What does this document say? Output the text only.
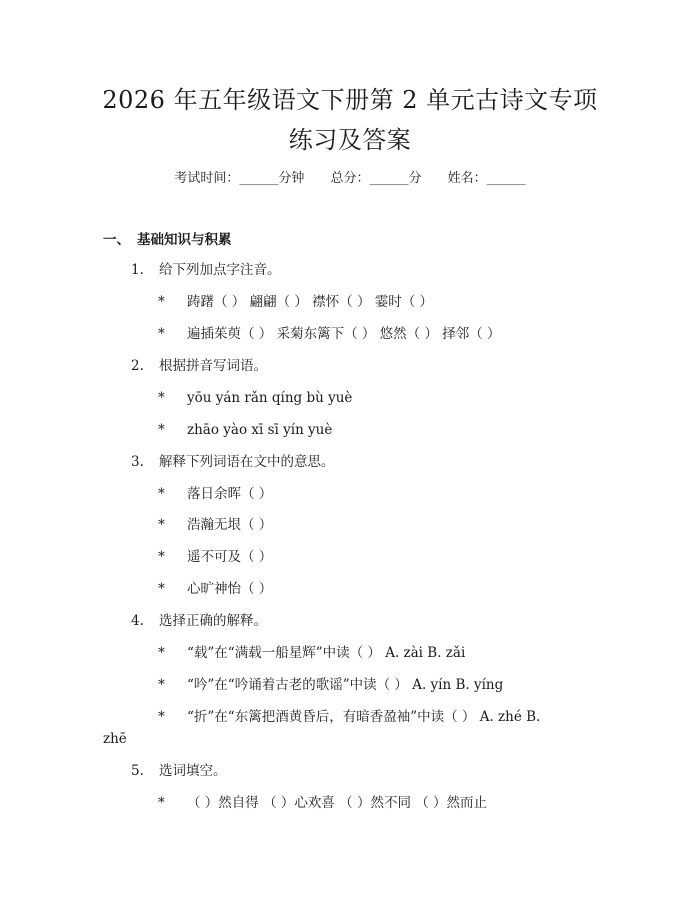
2026 年五年级语文下册第 2 单元古诗文专项
练习及答案
考试时间：______分钟 总分：______分 姓名：______
一、 基础知识与积累
1. 给下列加点字注音。
* 踌躇（ ） 翩翩（ ） 襟怀（ ） 霎时（ ）
* 遍插茱萸（ ） 采菊东篱下（ ） 悠然（ ） 择邻（ ）
2. 根据拼音写词语。
* yōu yán rǎn qíng bù yuè
* zhāo yào xī sī yín yuè
3. 解释下列词语在文中的意思。
* 落日余晖（ ）
* 浩瀚无垠（ ）
* 遥不可及（ ）
* 心旷神怡（ ）
4. 选择正确的解释。
* “载”在“满载一船星辉”中读（ ） A. zài B. zǎi
* “吟”在“吟诵着古老的歌谣”中读（ ） A. yín B. yíng
* “折”在“东篱把酒黄昏后，有暗香盈袖”中读（ ） A. zhé B.
zhē
5. 选词填空。
* （ ）然自得 （ ）心欢喜 （ ）然不同 （ ）然而止
